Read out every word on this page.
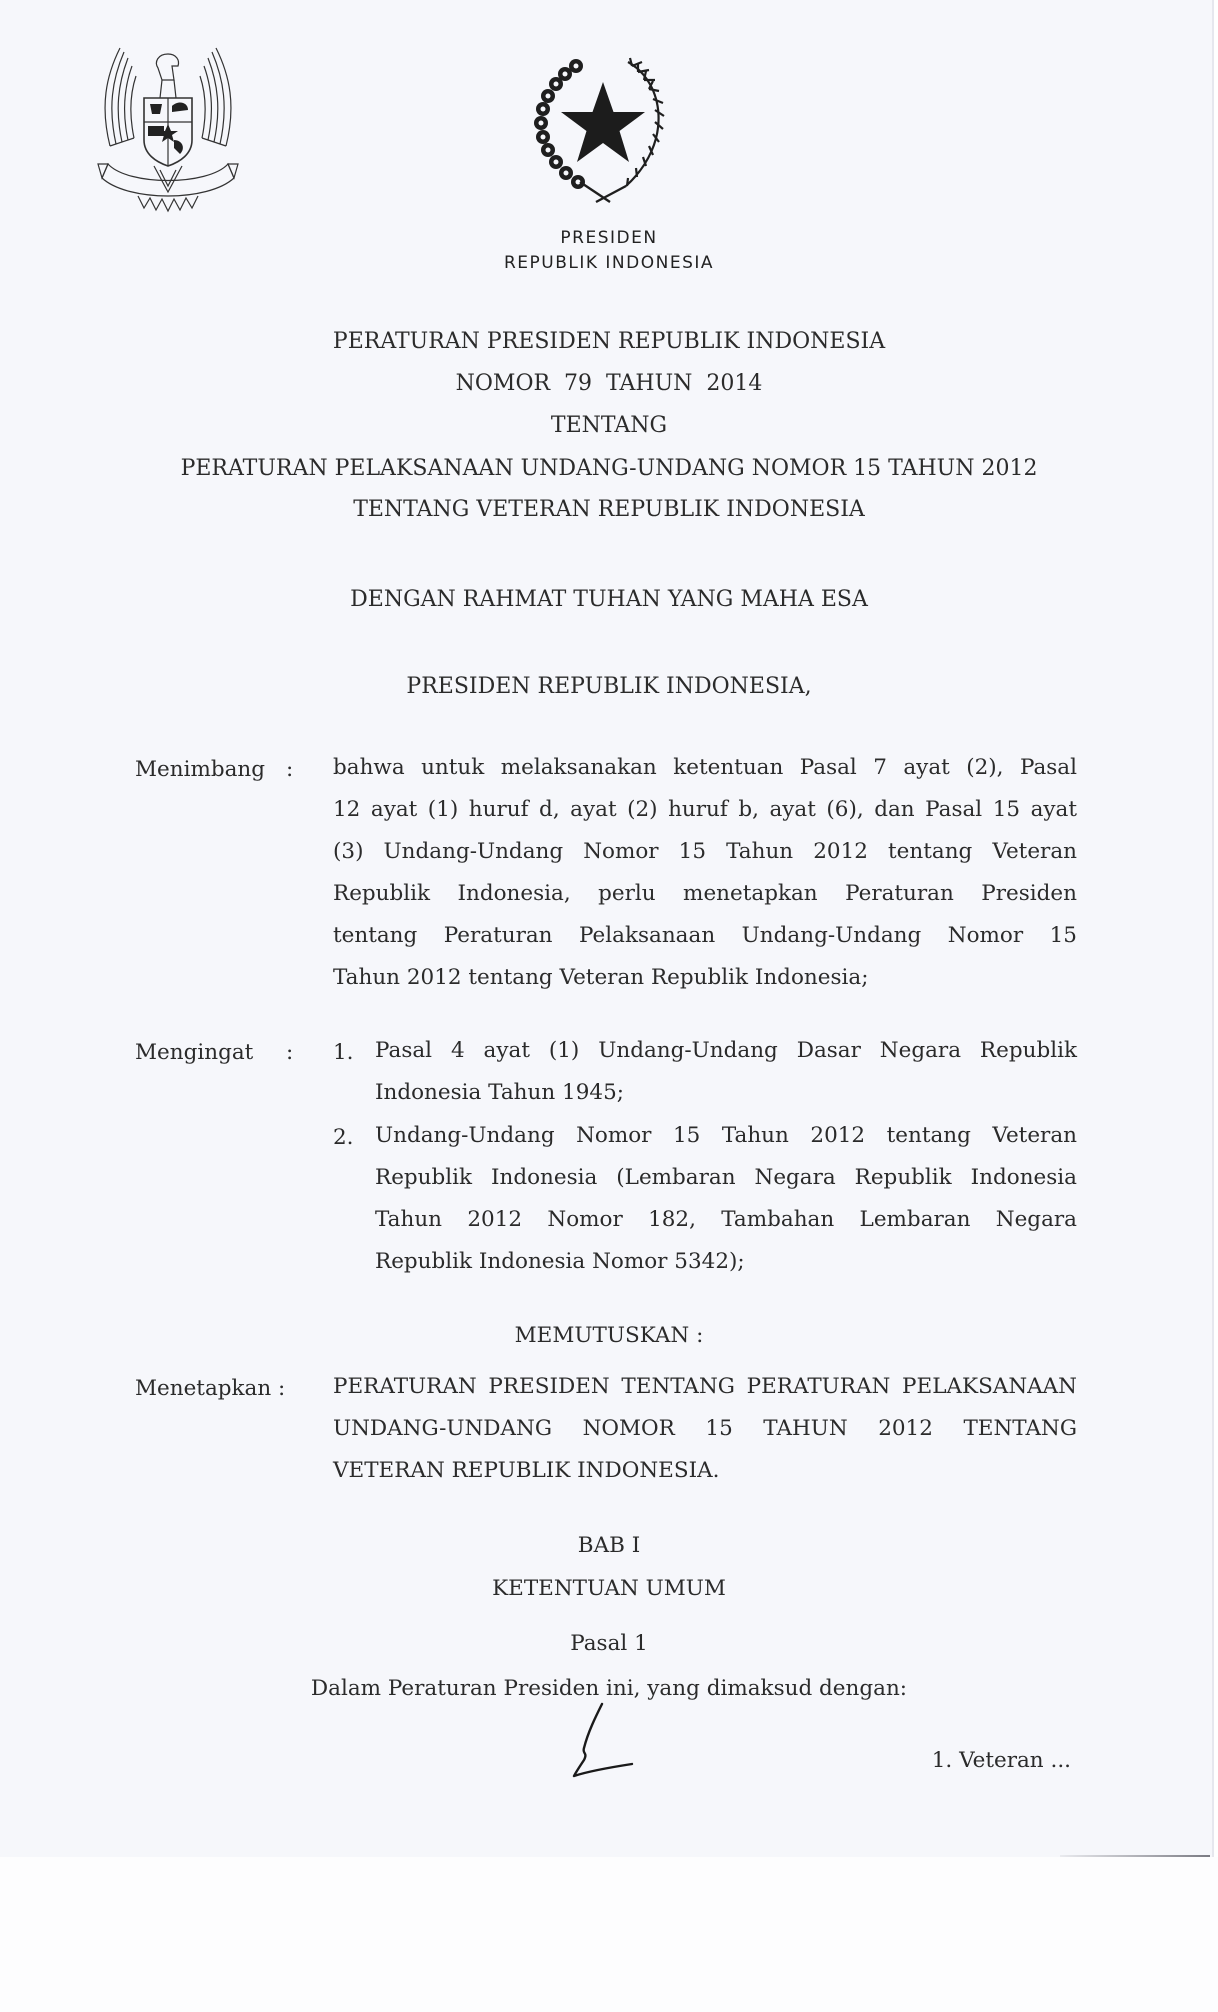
PRESIDEN
REPUBLIK INDONESIA
PERATURAN PRESIDEN REPUBLIK INDONESIA
NOMOR  79  TAHUN  2014
TENTANG
PERATURAN PELAKSANAAN UNDANG-UNDANG NOMOR 15 TAHUN 2012
TENTANG VETERAN REPUBLIK INDONESIA
DENGAN RAHMAT TUHAN YANG MAHA ESA
PRESIDEN REPUBLIK INDONESIA,
Menimbang : bahwa untuk melaksanakan ketentuan Pasal 7 ayat (2), Pasal
12 ayat (1) huruf d, ayat (2) huruf b, ayat (6), dan Pasal 15 ayat
(3) Undang-Undang Nomor 15 Tahun 2012 tentang Veteran
Republik Indonesia, perlu menetapkan Peraturan Presiden
tentang Peraturan Pelaksanaan Undang-Undang Nomor 15
Tahun 2012 tentang Veteran Republik Indonesia;
Mengingat : 1. Pasal 4 ayat (1) Undang-Undang Dasar Negara Republik
Indonesia Tahun 1945;
2. Undang-Undang Nomor 15 Tahun 2012 tentang Veteran
Republik Indonesia (Lembaran Negara Republik Indonesia
Tahun 2012 Nomor 182, Tambahan Lembaran Negara
Republik Indonesia Nomor 5342);
MEMUTUSKAN :
Menetapkan : PERATURAN PRESIDEN TENTANG PERATURAN PELAKSANAAN
UNDANG-UNDANG NOMOR 15 TAHUN 2012 TENTANG
VETERAN REPUBLIK INDONESIA.
BAB I
KETENTUAN UMUM
Pasal 1
Dalam Peraturan Presiden ini, yang dimaksud dengan:
1. Veteran ...
